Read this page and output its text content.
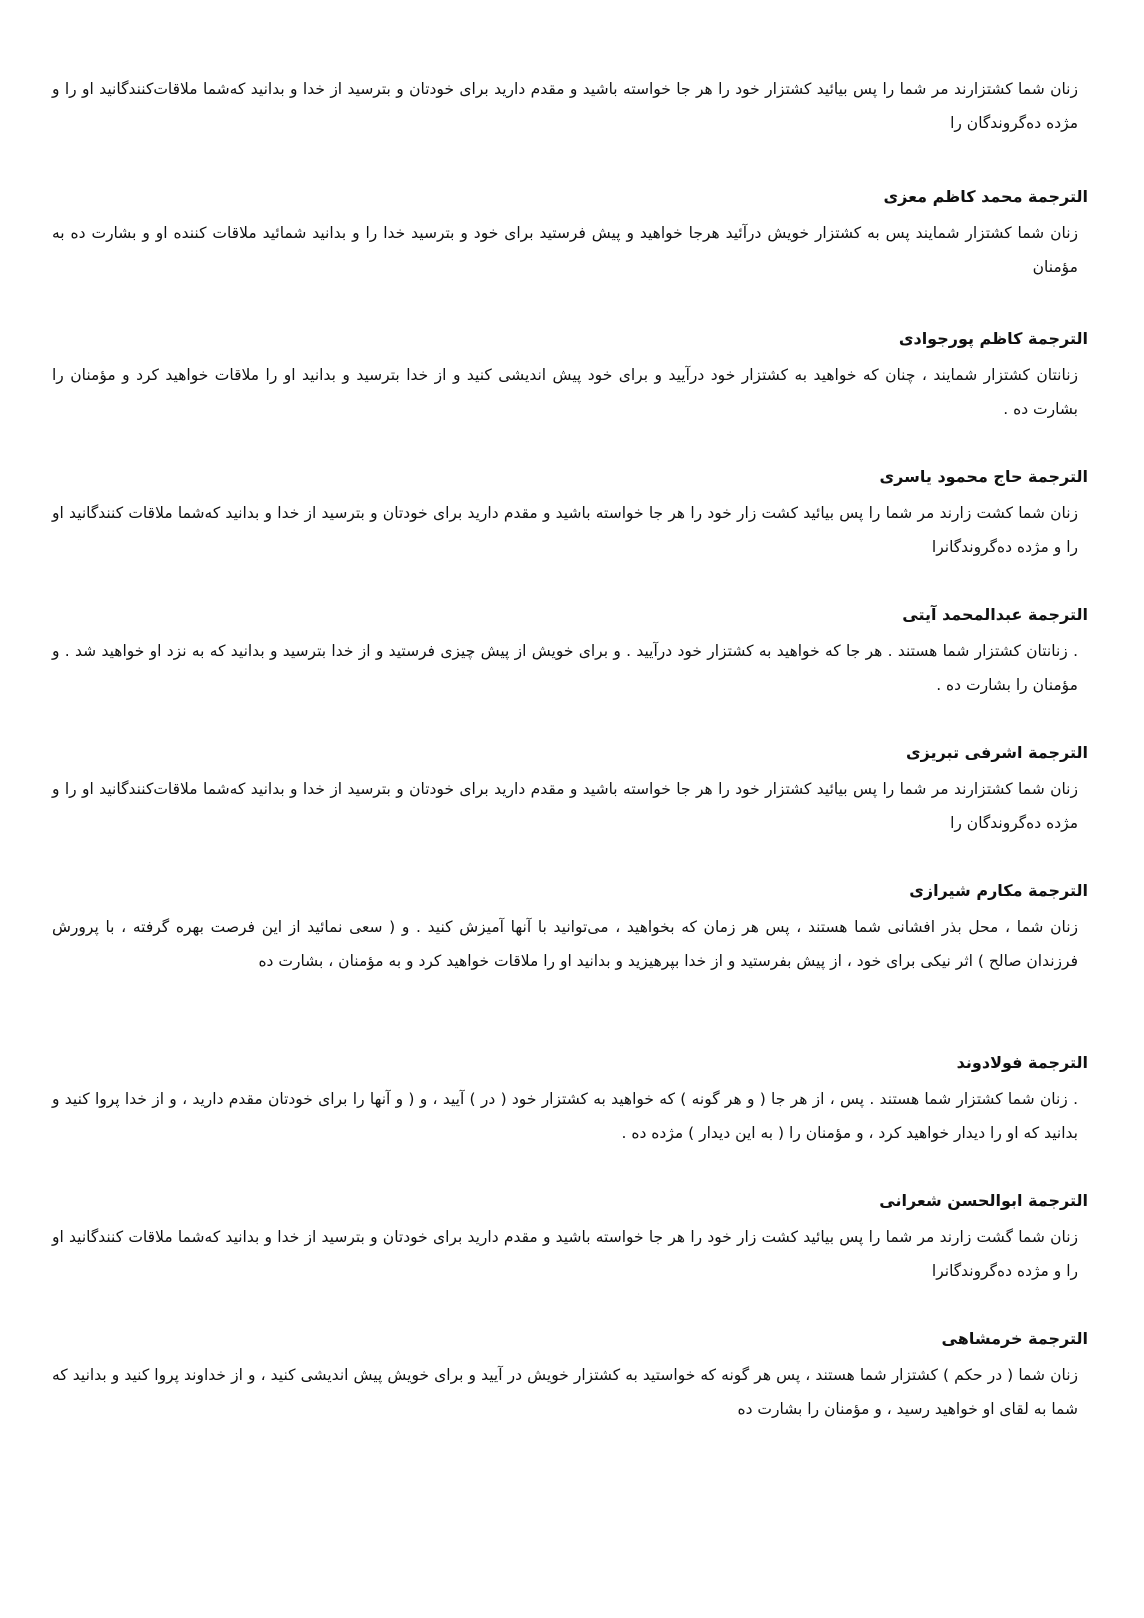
زنان شما كشتزارند مر شما را پس بيائيد كشتزار خود را هر جا خواسته باشيد و مقدم داريد براى خودتان و بترسيد از خدا و بدانيد كه‌شما ملاقات‌كنندگانيد او را و مژده ده‌گروندگان را

الترجمة محمد کاظم معزی

زنان شما كشتزار شمايند پس به كشتزار خويش درآئيد هرجا خواهيد و پيش فرستيد براى خود و بترسيد خدا را و بدانيد شمائيد ملاقات كننده او و بشارت ده به مؤمنان

الترجمة کاظم پورجوادی

زنانتان كشتزار شمايند ، چنان كه خواهيد به كشتزار خود درآييد و براى خود پيش انديشى كنيد و از خدا بترسيد و بدانيد او را ملاقات خواهيد كرد و مؤمنان را بشارت ده .

الترجمة حاج محمود یاسری

زنان شما كشت زارند مر شما را پس بيائيد كشت زار خود را هر جا خواسته باشيد و مقدم داريد براى خودتان و بترسيد از خدا و بدانيد كه‌شما ملاقات كنندگانيد او را و مژده ده‌گروندگانرا

الترجمة عبدالمحمد آیتی

. زنانتان كشتزار شما هستند . هر جا كه خواهيد به كشتزار خود درآييد . و براى خويش از پيش چيزى فرستيد و از خدا بترسيد و بدانيد كه به نزد او خواهيد شد . و مؤمنان را بشارت ده .

الترجمة اشرفی تبریزی

زنان شما كشتزارند مر شما را پس بيائيد كشتزار خود را هر جا خواسته باشيد و مقدم داريد براى خودتان و بترسيد از خدا و بدانيد كه‌شما ملاقات‌كنندگانيد او را و مژده ده‌گروندگان را

الترجمة مکارم شیرازی

زنان شما ، محل بذر افشانى شما هستند ، پس هر زمان كه بخواهيد ، مى‌توانيد با آنها آميزش كنيد . و ( سعى نمائيد از اين فرصت بهره گرفته ، با پرورش فرزندان صالح ) اثر نيكى براى خود ، از پيش بفرستيد و از خدا بپرهيزيد و بدانيد او را ملاقات خواهيد كرد و به مؤمنان ، بشارت ده

الترجمة فولادوند

. زنان شما كشتزار شما هستند . پس ، از هر جا ( و هر گونه ) كه خواهيد به كشتزار خود ( در ) آييد ، و ( و آنها را براى خودتان مقدم داريد ، و از خدا پروا كنيد و بدانيد كه او را ديدار خواهيد كرد ، و مؤمنان را ( به اين ديدار ) مژده ده .

الترجمة ابوالحسن شعرانی

زنان شما گشت زارند مر شما را پس بيائيد كشت زار خود را هر جا خواسته باشيد و مقدم داريد براى خودتان و بترسيد از خدا و بدانيد كه‌شما ملاقات كنندگانيد او را و مژده ده‌گروندگانرا

الترجمة خرمشاهی

زنان شما ( در حكم ) كشتزار شما هستند ، پس هر گونه كه خواستيد به كشتزار خويش در آييد و براى خويش پيش انديشى كنيد ، و از خداوند پروا كنيد و بدانيد كه شما به لقاى او خواهيد رسيد ، و مؤمنان را بشارت ده
